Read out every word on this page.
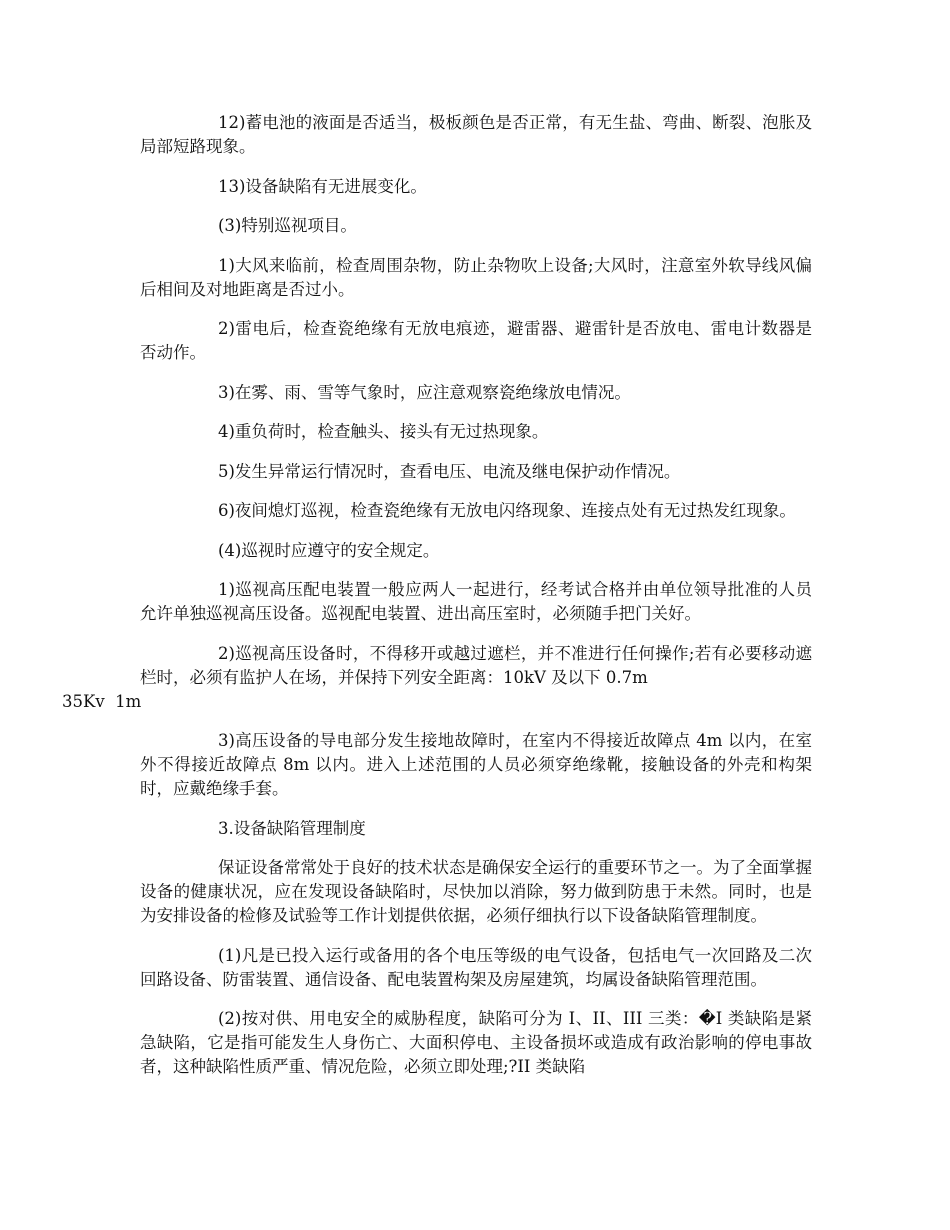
12)蓄电池的液面是否适当，极板颜色是否正常，有无生盐、弯曲、断裂、泡胀及局部短路现象。

13)设备缺陷有无进展变化。

(3)特别巡视项目。

1)大风来临前，检查周围杂物，防止杂物吹上设备;大风时，注意室外软导线风偏后相间及对地距离是否过小。

2)雷电后，检查瓷绝缘有无放电痕迹，避雷器、避雷针是否放电、雷电计数器是否动作。

3)在雾、雨、雪等气象时，应注意观察瓷绝缘放电情况。

4)重负荷时，检查触头、接头有无过热现象。

5)发生异常运行情况时，查看电压、电流及继电保护动作情况。

6)夜间熄灯巡视，检查瓷绝缘有无放电闪络现象、连接点处有无过热发红现象。

(4)巡视时应遵守的安全规定。

1)巡视高压配电装置一般应两人一起进行，经考试合格并由单位领导批准的人员允许单独巡视高压设备。巡视配电装置、进出高压室时，必须随手把门关好。

2)巡视高压设备时，不得移开或越过遮栏，并不准进行任何操作;若有必要移动遮栏时，必须有监护人在场，并保持下列安全距离：10kV 及以下 0.7m
35Kv  1m

3)高压设备的导电部分发生接地故障时，在室内不得接近故障点 4m 以内，在室外不得接近故障点 8m 以内。进入上述范围的人员必须穿绝缘靴，接触设备的外壳和构架时，应戴绝缘手套。

3.设备缺陷管理制度

保证设备常常处于良好的技术状态是确保安全运行的重要环节之一。为了全面掌握设备的健康状况，应在发现设备缺陷时，尽快加以消除，努力做到防患于未然。同时，也是为安排设备的检修及试验等工作计划提供依据，必须仔细执行以下设备缺陷管理制度。

(1)凡是已投入运行或备用的各个电压等级的电气设备，包括电气一次回路及二次回路设备、防雷装置、通信设备、配电装置构架及房屋建筑，均属设备缺陷管理范围。

(2)按对供、用电安全的威胁程度，缺陷可分为 I、II、III 三类：�I 类缺陷是紧急缺陷，它是指可能发生人身伤亡、大面积停电、主设备损坏或造成有政治影响的停电事故者，这种缺陷性质严重、情况危险，必须立即处理;?II 类缺陷
